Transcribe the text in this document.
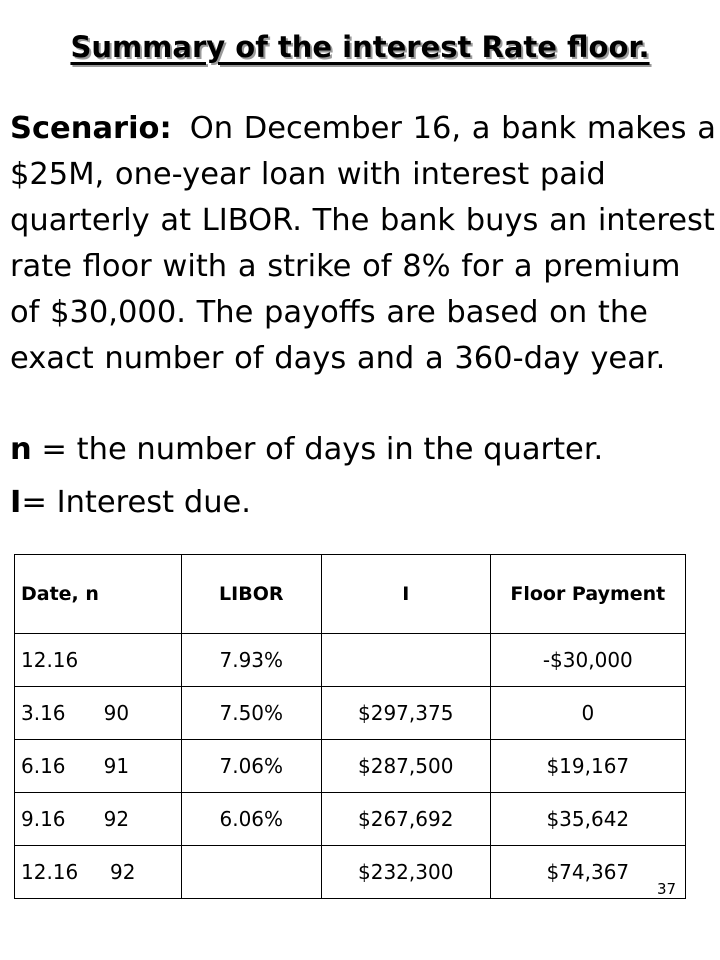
Summary of the interest Rate floor.
Scenario: On December 16, a bank makes a $25M, one-year loan with interest paid quarterly at LIBOR. The bank buys an interest rate floor with a strike of 8% for a premium of $30,000. The payoffs are based on the exact number of days and a 360-day year.
n = the number of days in the quarter.
I= Interest due.
Date, n	LIBOR	I	Floor Payment
12.16	7.93%		-$30,000
3.16      90	7.50%	$297,375	0
6.16      91	7.06%	$287,500	$19,167
9.16      92	6.06%	$267,692	$35,642
12.16     92		$232,300	$74,367
37
